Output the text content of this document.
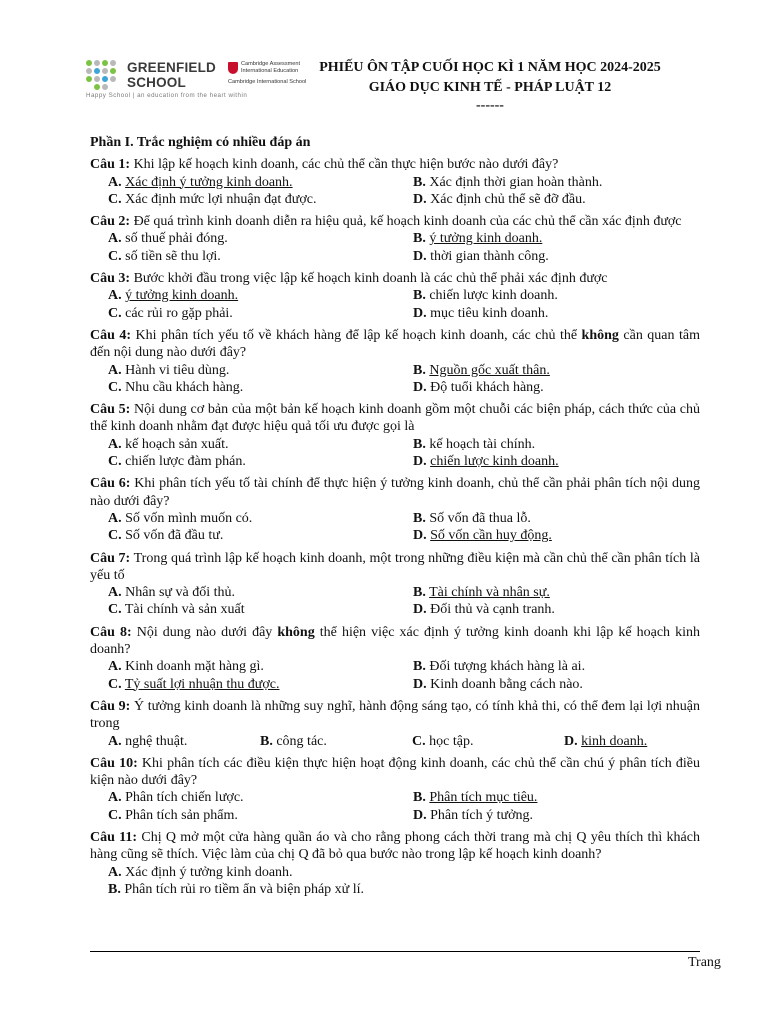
GREENFIELD
SCHOOL
Cambridge Assessment
International Education
Cambridge International School
Happy School | an education from the heart within
PHIẾU ÔN TẬP CUỐI HỌC KÌ 1 NĂM HỌC 2024-2025
GIÁO DỤC KINH TẾ - PHÁP LUẬT 12
------
Phần I. Trắc nghiệm có nhiều đáp án
Câu 1: Khi lập kế hoạch kinh doanh, các chủ thể cần thực hiện bước nào dưới đây?
A. Xác định ý tưởng kinh doanh.	B. Xác định thời gian hoàn thành.
C. Xác định mức lợi nhuận đạt được.	D. Xác định chủ thể sẽ đỡ đầu.
Câu 2: Để quá trình kinh doanh diễn ra hiệu quả, kế hoạch kinh doanh của các chủ thể cần xác định được
A. số thuế phải đóng.	B. ý tưởng kinh doanh.
C. số tiền sẽ thu lợi.	D. thời gian thành công.
Câu 3: Bước khởi đầu trong việc lập kế hoạch kinh doanh là các chủ thể phải xác định được
A. ý tưởng kinh doanh.	B. chiến lược kinh doanh.
C. các rủi ro gặp phải.	D. mục tiêu kinh doanh.
Câu 4: Khi phân tích yếu tố về khách hàng để lập kế hoạch kinh doanh, các chủ thể không cần quan tâm đến nội dung nào dưới đây?
A. Hành vi tiêu dùng.	B. Nguồn gốc xuất thân.
C. Nhu cầu khách hàng.	D. Độ tuổi khách hàng.
Câu 5: Nội dung cơ bản của một bản kế hoạch kinh doanh gồm một chuỗi các biện pháp, cách thức của chủ thể kinh doanh nhằm đạt được hiệu quả tối ưu được gọi là
A. kế hoạch sản xuất.	B. kế hoạch tài chính.
C. chiến lược đàm phán.	D. chiến lược kinh doanh.
Câu 6: Khi phân tích yếu tố tài chính để thực hiện ý tưởng kinh doanh, chủ thể cần phải phân tích nội dung nào dưới đây?
A. Số vốn mình muốn có.	B. Số vốn đã thua lỗ.
C. Số vốn đã đầu tư.	D. Số vốn cần huy động.
Câu 7: Trong quá trình lập kế hoạch kinh doanh, một trong những điều kiện mà cần chủ thể cần phân tích là yếu tố
A. Nhân sự và đối thủ.	B. Tài chính và nhân sự.
C. Tài chính và sản xuất	D. Đối thủ và cạnh tranh.
Câu 8: Nội dung nào dưới đây không thể hiện việc xác định ý tưởng kinh doanh khi lập kế hoạch kinh doanh?
A. Kinh doanh mặt hàng gì.	B. Đối tượng khách hàng là ai.
C. Tỷ suất lợi nhuận thu được.	D. Kinh doanh bằng cách nào.
Câu 9: Ý tưởng kinh doanh là những suy nghĩ, hành động sáng tạo, có tính khả thi, có thể đem lại lợi nhuận trong
A. nghệ thuật.	B. công tác.	C. học tập.	D. kinh doanh.
Câu 10: Khi phân tích các điều kiện thực hiện hoạt động kinh doanh, các chủ thể cần chú ý phân tích điều kiện nào dưới đây?
A. Phân tích chiến lược.	B. Phân tích mục tiêu.
C. Phân tích sản phẩm.	D. Phân tích ý tưởng.
Câu 11: Chị Q mở một cửa hàng quần áo và cho rằng phong cách thời trang mà chị Q yêu thích thì khách hàng cũng sẽ thích. Việc làm của chị Q đã bỏ qua bước nào trong lập kế hoạch kinh doanh?
A. Xác định ý tưởng kinh doanh.
B. Phân tích rủi ro tiềm ẩn và biện pháp xử lí.
Trang
